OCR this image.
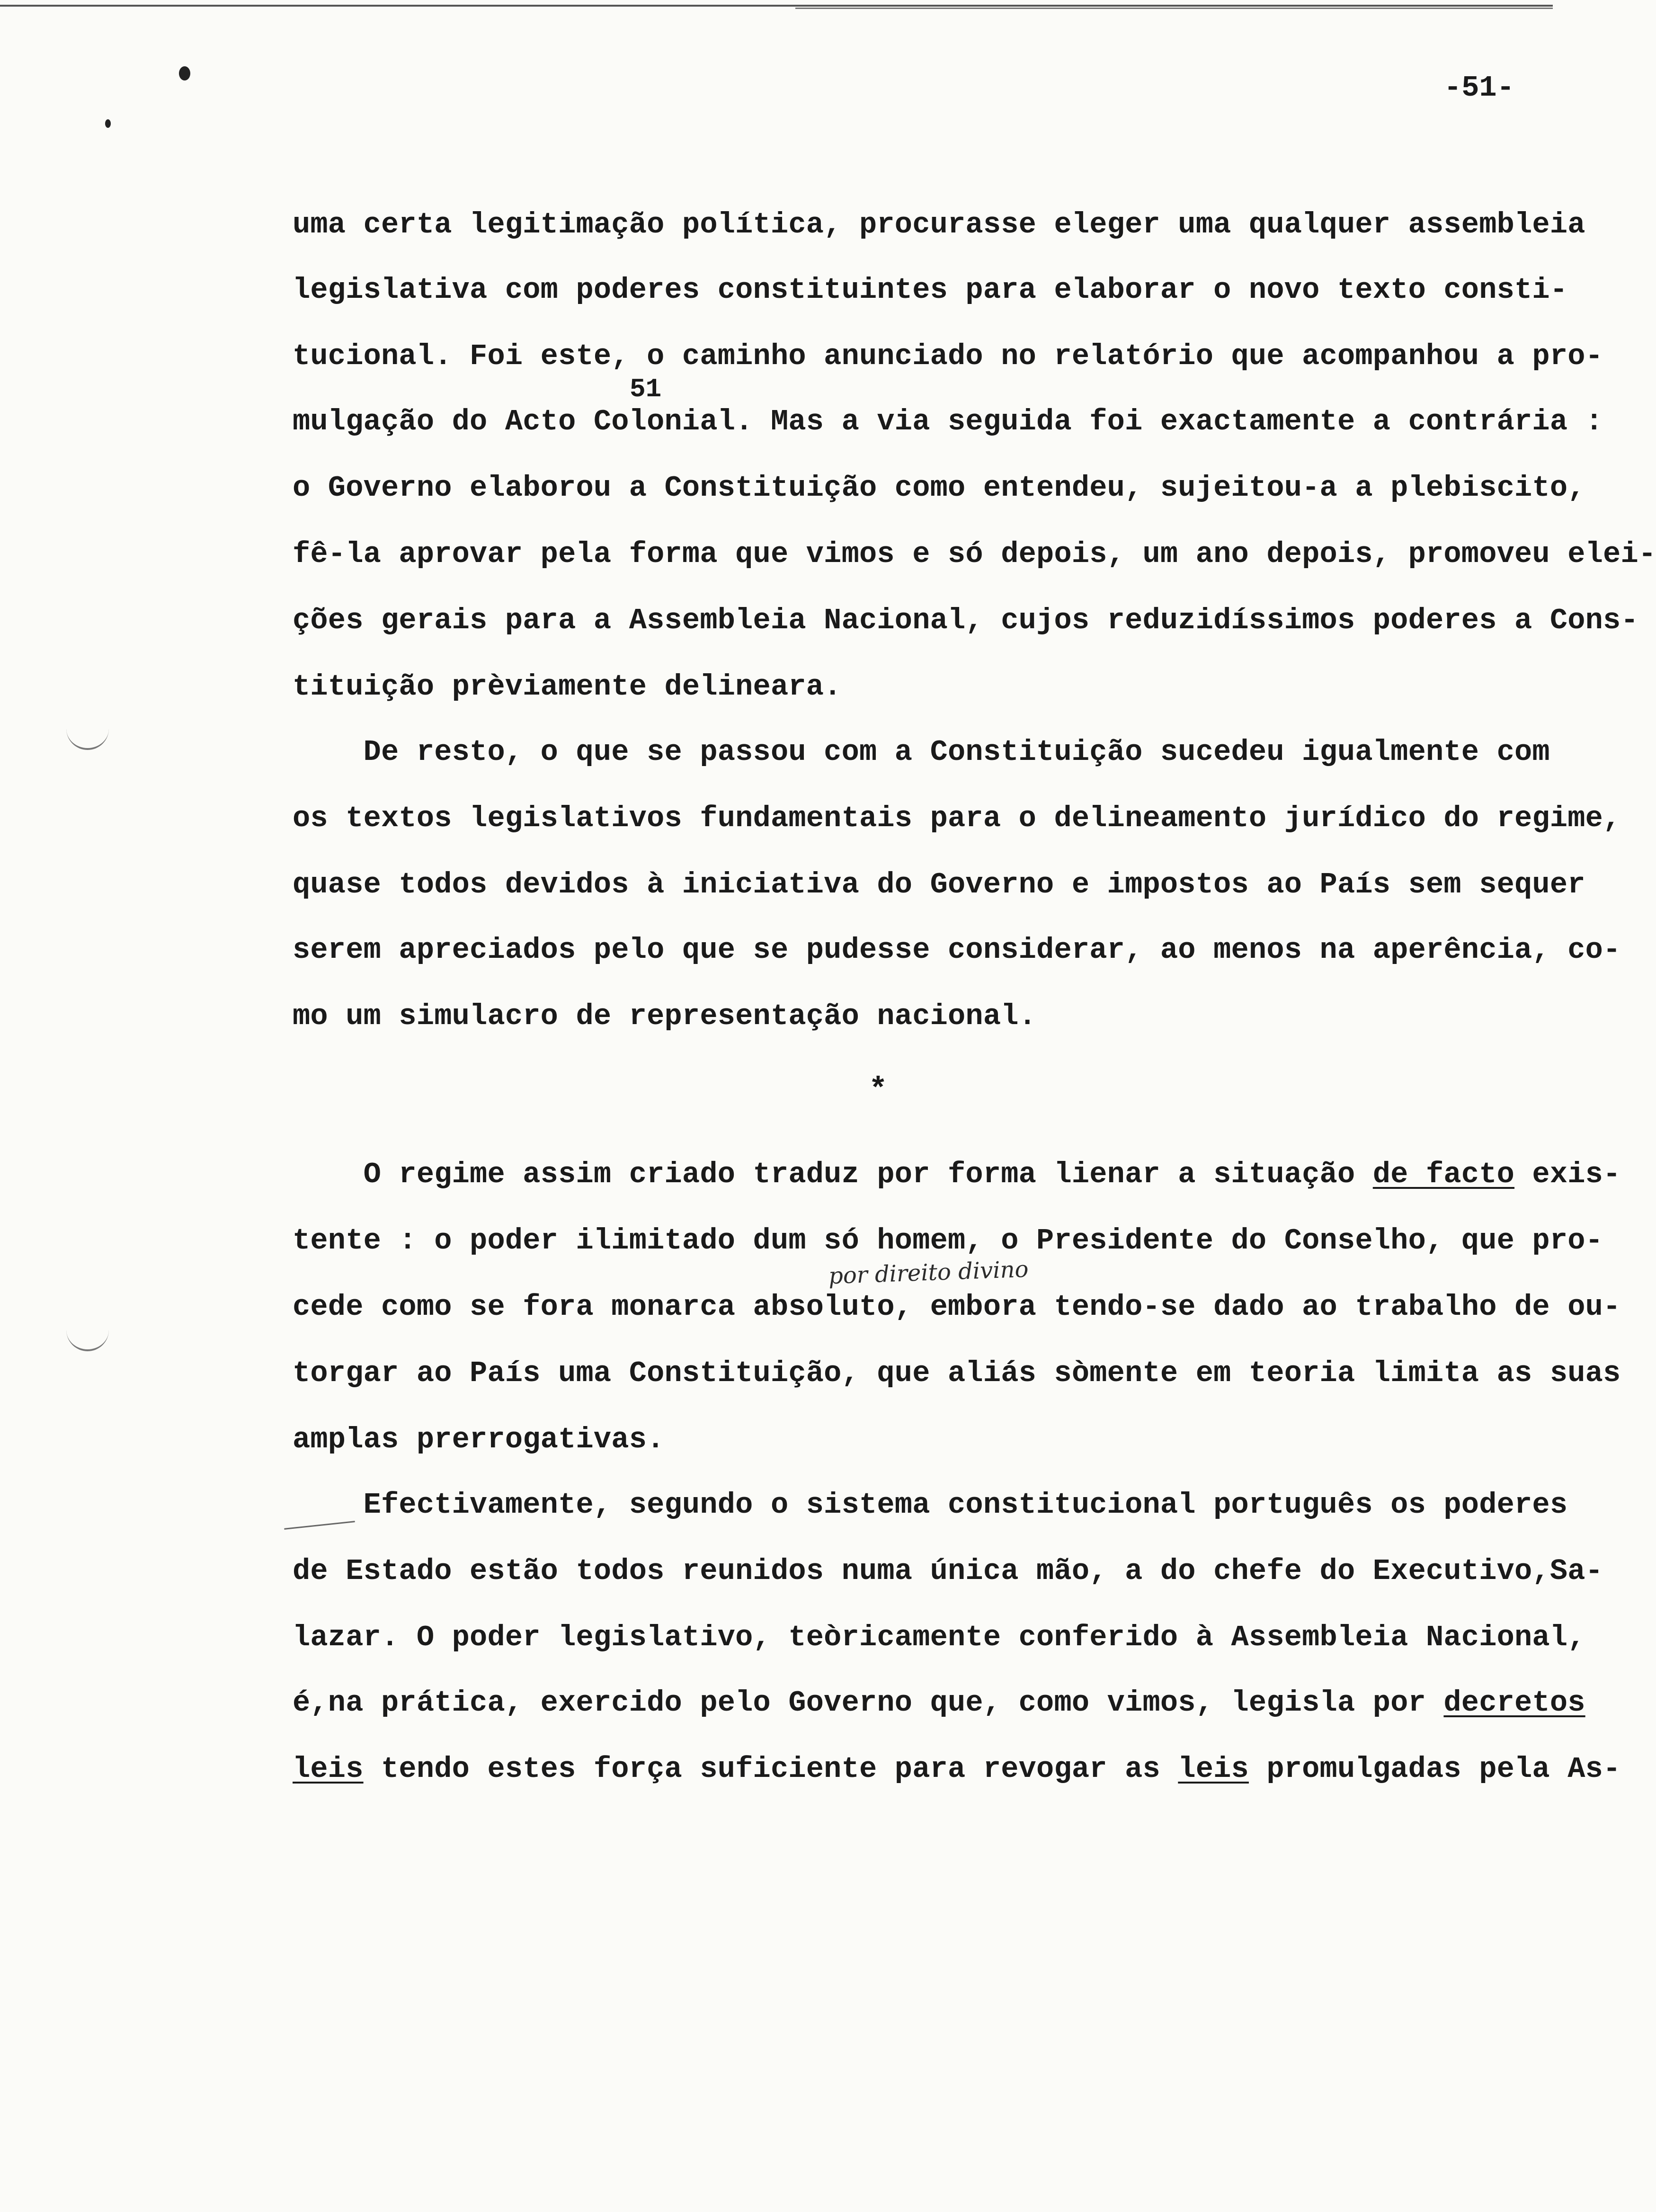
-51-
uma certa legitimação política, procurasse eleger uma qualquer assembleia
legislativa com poderes constituintes para elaborar o novo texto consti-
tucional. Foi este, o caminho anunciado no relatório que acompanhou a pro-
51
mulgação do Acto Colonial. Mas a via seguida foi exactamente a contrária :
o Governo elaborou a Constituição como entendeu, sujeitou-a a plebiscito,
fê-la aprovar pela forma que vimos e só depois, um ano depois, promoveu elei-
ções gerais para a Assembleia Nacional, cujos reduzidíssimos poderes a Cons-
tituição prèviamente delineara.
De resto, o que se passou com a Constituição sucedeu igualmente com
os textos legislativos fundamentais para o delineamento jurídico do regime,
quase todos devidos à iniciativa do Governo e impostos ao País sem sequer
serem apreciados pelo que se pudesse considerar, ao menos na aperência, co-
mo um simulacro de representação nacional.
*
O regime assim criado traduz por forma lienar a situação de facto exis-
tente : o poder ilimitado dum só homem, o Presidente do Conselho, que pro-
por direito divino
cede como se fora monarca absoluto, embora tendo-se dado ao trabalho de ou-
torgar ao País uma Constituição, que aliás sòmente em teoria limita as suas
amplas prerrogativas.
Efectivamente, segundo o sistema constitucional português os poderes
de Estado estão todos reunidos numa única mão, a do chefe do Executivo,Sa-
lazar. O poder legislativo, teòricamente conferido à Assembleia Nacional,
é,na prática, exercido pelo Governo que, como vimos, legisla por decretos
leis tendo estes força suficiente para revogar as leis promulgadas pela As-
